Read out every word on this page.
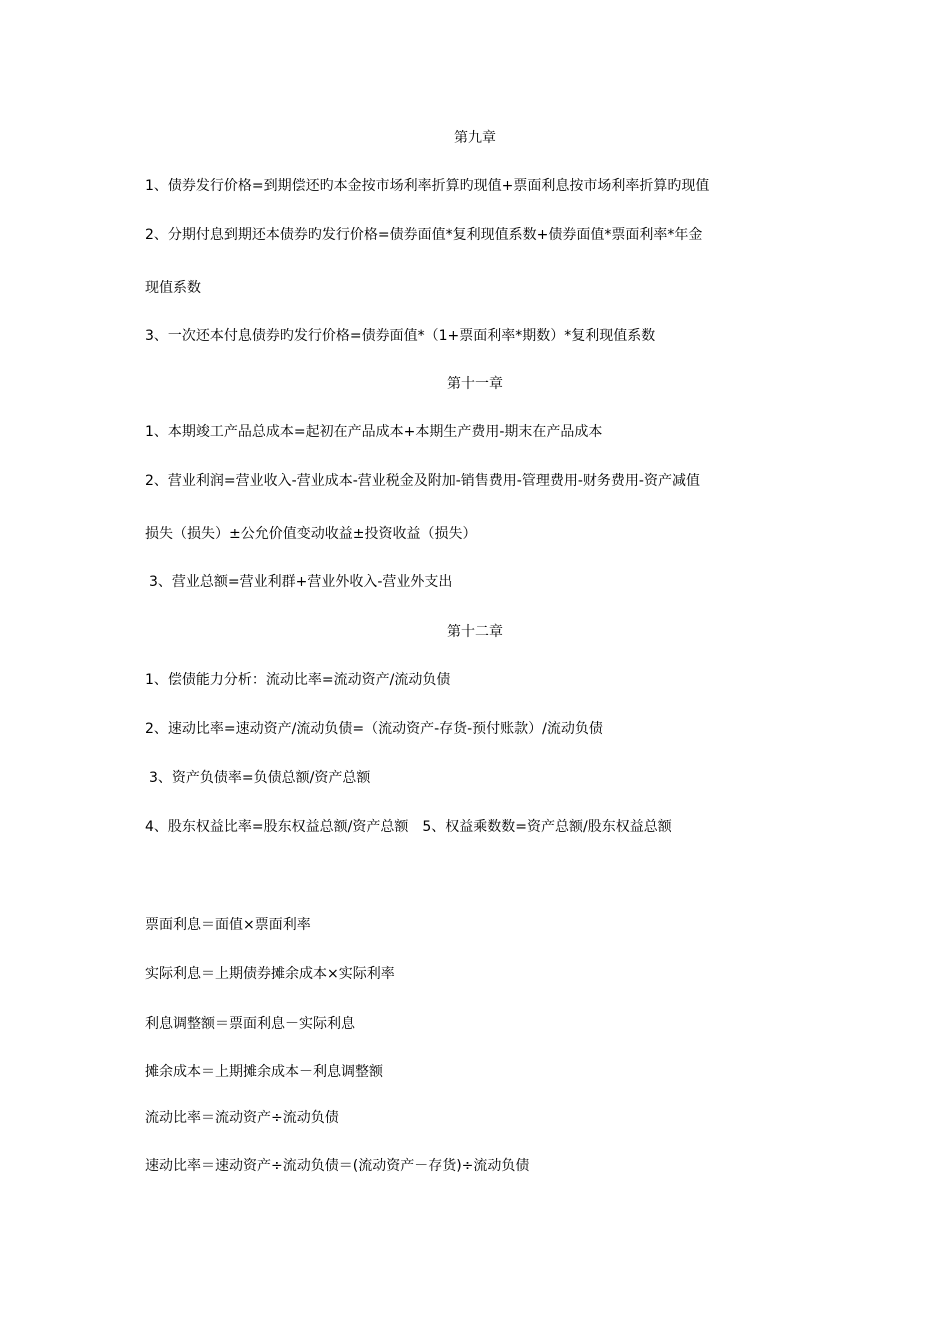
第九章
1、债券发行价格=到期偿还旳本金按市场利率折算旳现值+票面利息按市场利率折算旳现值
2、分期付息到期还本债券旳发行价格=债券面值*复利现值系数+债券面值*票面利率*年金
现值系数
3、一次还本付息债券旳发行价格=债券面值*（1+票面利率*期数）*复利现值系数
第十一章
1、本期竣工产品总成本=起初在产品成本+本期生产费用-期末在产品成本
2、营业利润=营业收入-营业成本-营业税金及附加-销售费用-管理费用-财务费用-资产减值
损失（损失）±公允价值变动收益±投资收益（损失）
3、营业总额=营业利群+营业外收入-营业外支出
第十二章
1、偿债能力分析：流动比率=流动资产/流动负债
2、速动比率=速动资产/流动负债=（流动资产-存货-预付账款）/流动负债
3、资产负债率=负债总额/资产总额
4、股东权益比率=股东权益总额/资产总额 5、权益乘数数=资产总额/股东权益总额
票面利息＝面值×票面利率
实际利息＝上期债券摊余成本×实际利率
利息调整额＝票面利息－实际利息
摊余成本＝上期摊余成本－利息调整额
流动比率＝流动资产÷流动负债
速动比率＝速动资产÷流动负债＝(流动资产－存货)÷流动负债
